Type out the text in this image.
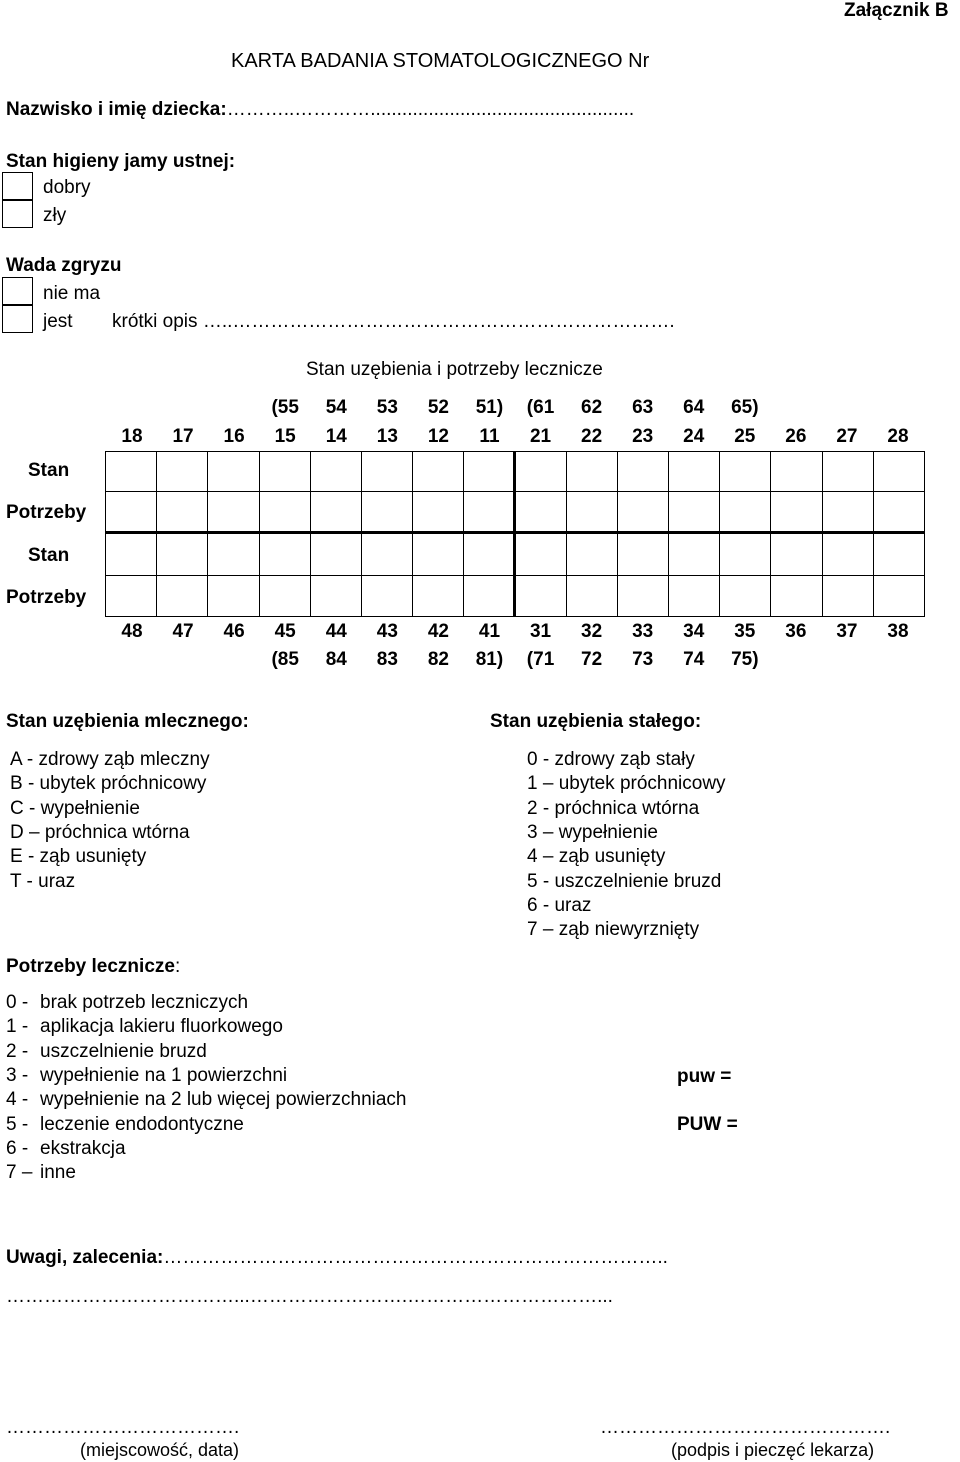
Załącznik B
KARTA BADANIA STOMATOLOGICZNEGO Nr
Nazwisko i imię dziecka:………..…………..................................................
Stan higieny jamy ustnej:
dobry
zły
Wada zgryzu
nie ma
jest krótki opis …..…………………………………………………………….
Stan uzębienia i potrzeby lecznicze
(55	54	53	52	51)	(61	62	63	64	65)
18	17	16	15	14	13	12	11	21	22	23	24	25	26	27	28
48	47	46	45	44	43	42	41	31	32	33	34	35	36	37	38
(85	84	83	82	81)	(71	72	73	74	75)
Stan
Potrzeby
Stan
Potrzeby
Stan uzębienia mlecznego:
A - zdrowy ząb mleczny
B - ubytek próchnicowy
C - wypełnienie
D – próchnica wtórna
E - ząb usunięty
T - uraz
Stan uzębienia stałego:
0 - zdrowy ząb stały
1 – ubytek próchnicowy
2 - próchnica wtórna
3 – wypełnienie
4 – ząb usunięty
5 - uszczelnienie bruzd
6 - uraz
7 – ząb niewyrznięty
Potrzeby lecznicze:
0 - brak potrzeb leczniczych
1 - aplikacja lakieru fluorkowego
2 - uszczelnienie bruzd
3 - wypełnienie na 1 powierzchni
4 - wypełnienie na 2 lub więcej powierzchniach
5 - leczenie endodontyczne
6 - ekstrakcja
7 – inne
puw =
PUW =
Uwagi, zalecenia:……………………………………………………………………..
………………………………...…………………….…………………………...
……………………………….
(miejscowość, data)
……………………………………….
(podpis i pieczęć lekarza)
